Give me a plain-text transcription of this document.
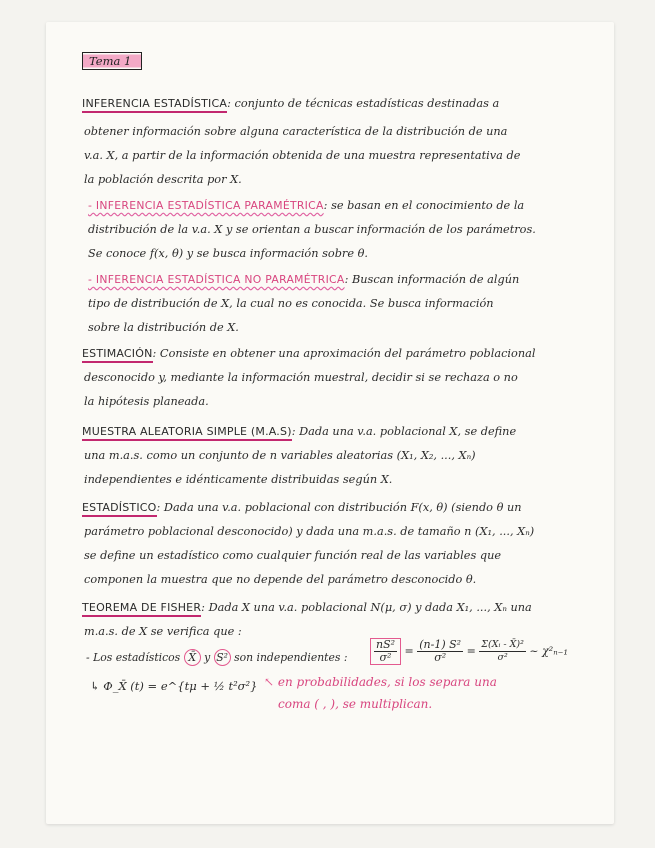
Tema 1
INFERENCIA ESTADÍSTICA: conjunto de técnicas estadísticas destinadas a
obtener información sobre alguna característica de la distribución de una
v.a. X, a partir de la información obtenida de una muestra representativa de
la población descrita por X.
- INFERENCIA ESTADÍSTICA PARAMÉTRICA: se basan en el conocimiento de la
distribución de la v.a. X y se orientan a buscar información de los parámetros.
Se conoce f(x, θ) y se busca información sobre θ.
- INFERENCIA ESTADÍSTICA NO PARAMÉTRICA: Buscan información de algún
tipo de distribución de X, la cual no es conocida. Se busca información
sobre la distribución de X.
ESTIMACIÓN: Consiste en obtener una aproximación del parámetro poblacional
desconocido y, mediante la información muestral, decidir si se rechaza o no
la hipótesis planeada.
MUESTRA ALEATORIA SIMPLE (M.A.S): Dada una v.a. poblacional X, se define
una m.a.s. como un conjunto de n variables aleatorias (X₁, X₂, ..., Xₙ)
independientes e idénticamente distribuidas según X.
ESTADÍSTICO: Dada una v.a. poblacional con distribución F(x, θ) (siendo θ un
parámetro poblacional desconocido) y dada una m.a.s. de tamaño n (X₁, ..., Xₙ)
se define un estadístico como cualquier función real de las variables que
componen la muestra que no depende del parámetro desconocido θ.
TEOREMA DE FISHER: Dada X una v.a. poblacional N(μ, σ) y dada X₁, ..., Xₙ una
m.a.s. de X se verifica que :
- Los estadísticos X̄ y S² son independientes : $\frac{\text{nS²}}{\text{σ²}} = \frac{\text{(n-1) S²}}{\text{σ²}} = \frac{\text{Σ(Xᵢ - X̄)²}}{\text{σ²}}$ ~ χ²ₙ₋₁
↳ Φ_X̄ (t) = e^{tμ + ½ t²σ²} ↖ en probabilidades, si los separa una
coma ( , ), se multiplican.
